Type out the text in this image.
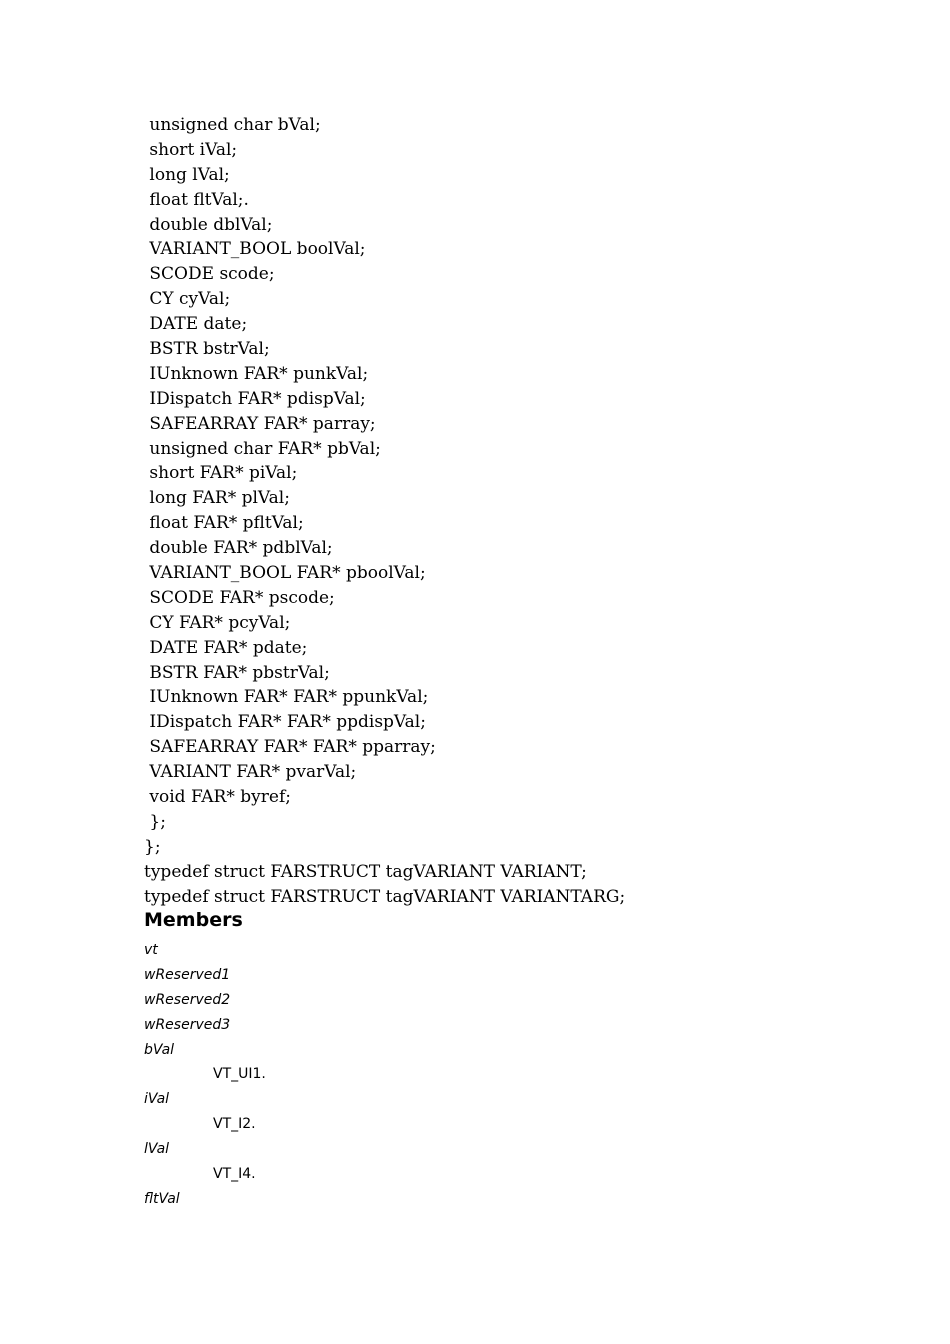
unsigned char bVal;
short iVal;
long lVal;
float fltVal;.
double dblVal;
VARIANT_BOOL boolVal;
SCODE scode;
CY cyVal;
DATE date;
BSTR bstrVal;
IUnknown FAR* punkVal;
IDispatch FAR* pdispVal;
SAFEARRAY FAR* parray;
unsigned char FAR* pbVal;
short FAR* piVal;
long FAR* plVal;
float FAR* pfltVal;
double FAR* pdblVal;
VARIANT_BOOL FAR* pboolVal;
SCODE FAR* pscode;
CY FAR* pcyVal;
DATE FAR* pdate;
BSTR FAR* pbstrVal;
IUnknown FAR* FAR* ppunkVal;
IDispatch FAR* FAR* ppdispVal;
SAFEARRAY FAR* FAR* pparray;
VARIANT FAR* pvarVal;
void FAR* byref;
};
};
typedef struct FARSTRUCT tagVARIANT VARIANT;
typedef struct FARSTRUCT tagVARIANT VARIANTARG;
Members
vt
wReserved1
wReserved2
wReserved3
bVal
VT_UI1.
iVal
VT_I2.
lVal
VT_I4.
fltVal
